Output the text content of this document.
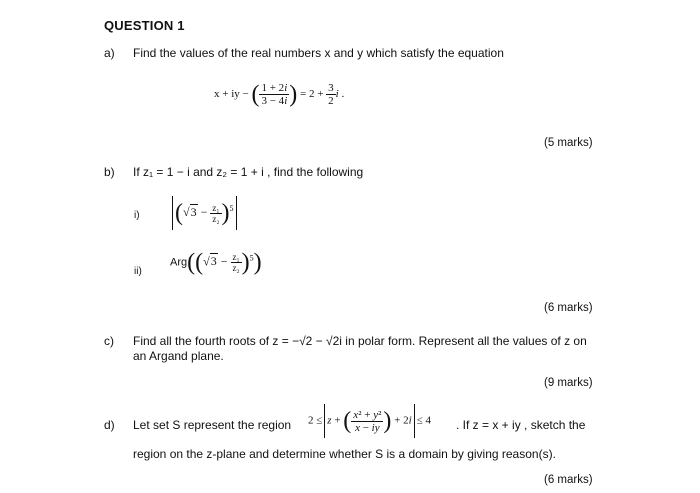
QUESTION 1
a) Find the values of the real numbers x and y which satisfy the equation
x + iy − ( $\frac{1 + 2i}{3 - 4i}$ ) = $2 + \frac{3}{2}$ i .
(5 marks)
b) If z₁ = 1 − i and z₂ = 1 + i , find the following
i) $(√3 - \frac{\text{z₁}}{\text{z₂}} )^5$
ii)
$Arg((√3 - \frac{\text{z₁}}{\text{z₂}} )^5)$
(6 marks)
c) Find all the fourth roots of z = −√2 − √2i in polar form. Represent all the values of z on
an Argand plane.
(9 marks)
d) Let set S represent the region 2 ≤ z + ( $\frac{\text{x² + y²}}{x - iy}$ ) + 2i ≤ 4 . If z = x + iy , sketch the
region on the z-plane and determine whether S is a domain by giving reason(s).
(6 marks)
